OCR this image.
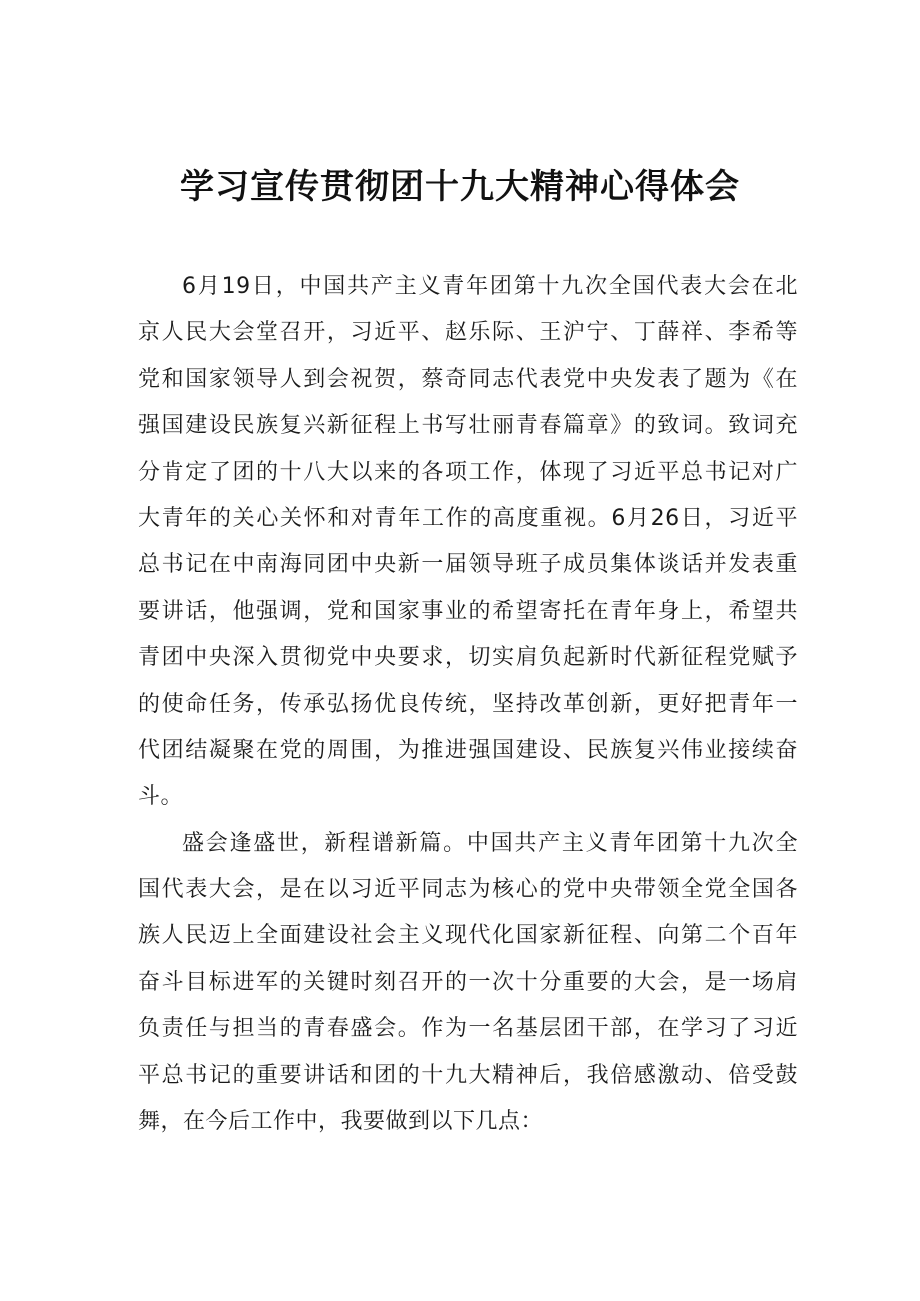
学习宣传贯彻团十九大精神心得体会
6月19日，中国共产主义青年团第十九次全国代表大会在北
京人民大会堂召开，习近平、赵乐际、王沪宁、丁薛祥、李希等
党和国家领导人到会祝贺，蔡奇同志代表党中央发表了题为《在
强国建设民族复兴新征程上书写壮丽青春篇章》的致词。致词充
分肯定了团的十八大以来的各项工作，体现了习近平总书记对广
大青年的关心关怀和对青年工作的高度重视。6月26日，习近平
总书记在中南海同团中央新一届领导班子成员集体谈话并发表重
要讲话，他强调，党和国家事业的希望寄托在青年身上，希望共
青团中央深入贯彻党中央要求，切实肩负起新时代新征程党赋予
的使命任务，传承弘扬优良传统，坚持改革创新，更好把青年一
代团结凝聚在党的周围，为推进强国建设、民族复兴伟业接续奋
斗。
盛会逢盛世，新程谱新篇。中国共产主义青年团第十九次全
国代表大会，是在以习近平同志为核心的党中央带领全党全国各
族人民迈上全面建设社会主义现代化国家新征程、向第二个百年
奋斗目标进军的关键时刻召开的一次十分重要的大会，是一场肩
负责任与担当的青春盛会。作为一名基层团干部，在学习了习近
平总书记的重要讲话和团的十九大精神后，我倍感激动、倍受鼓
舞，在今后工作中，我要做到以下几点：
